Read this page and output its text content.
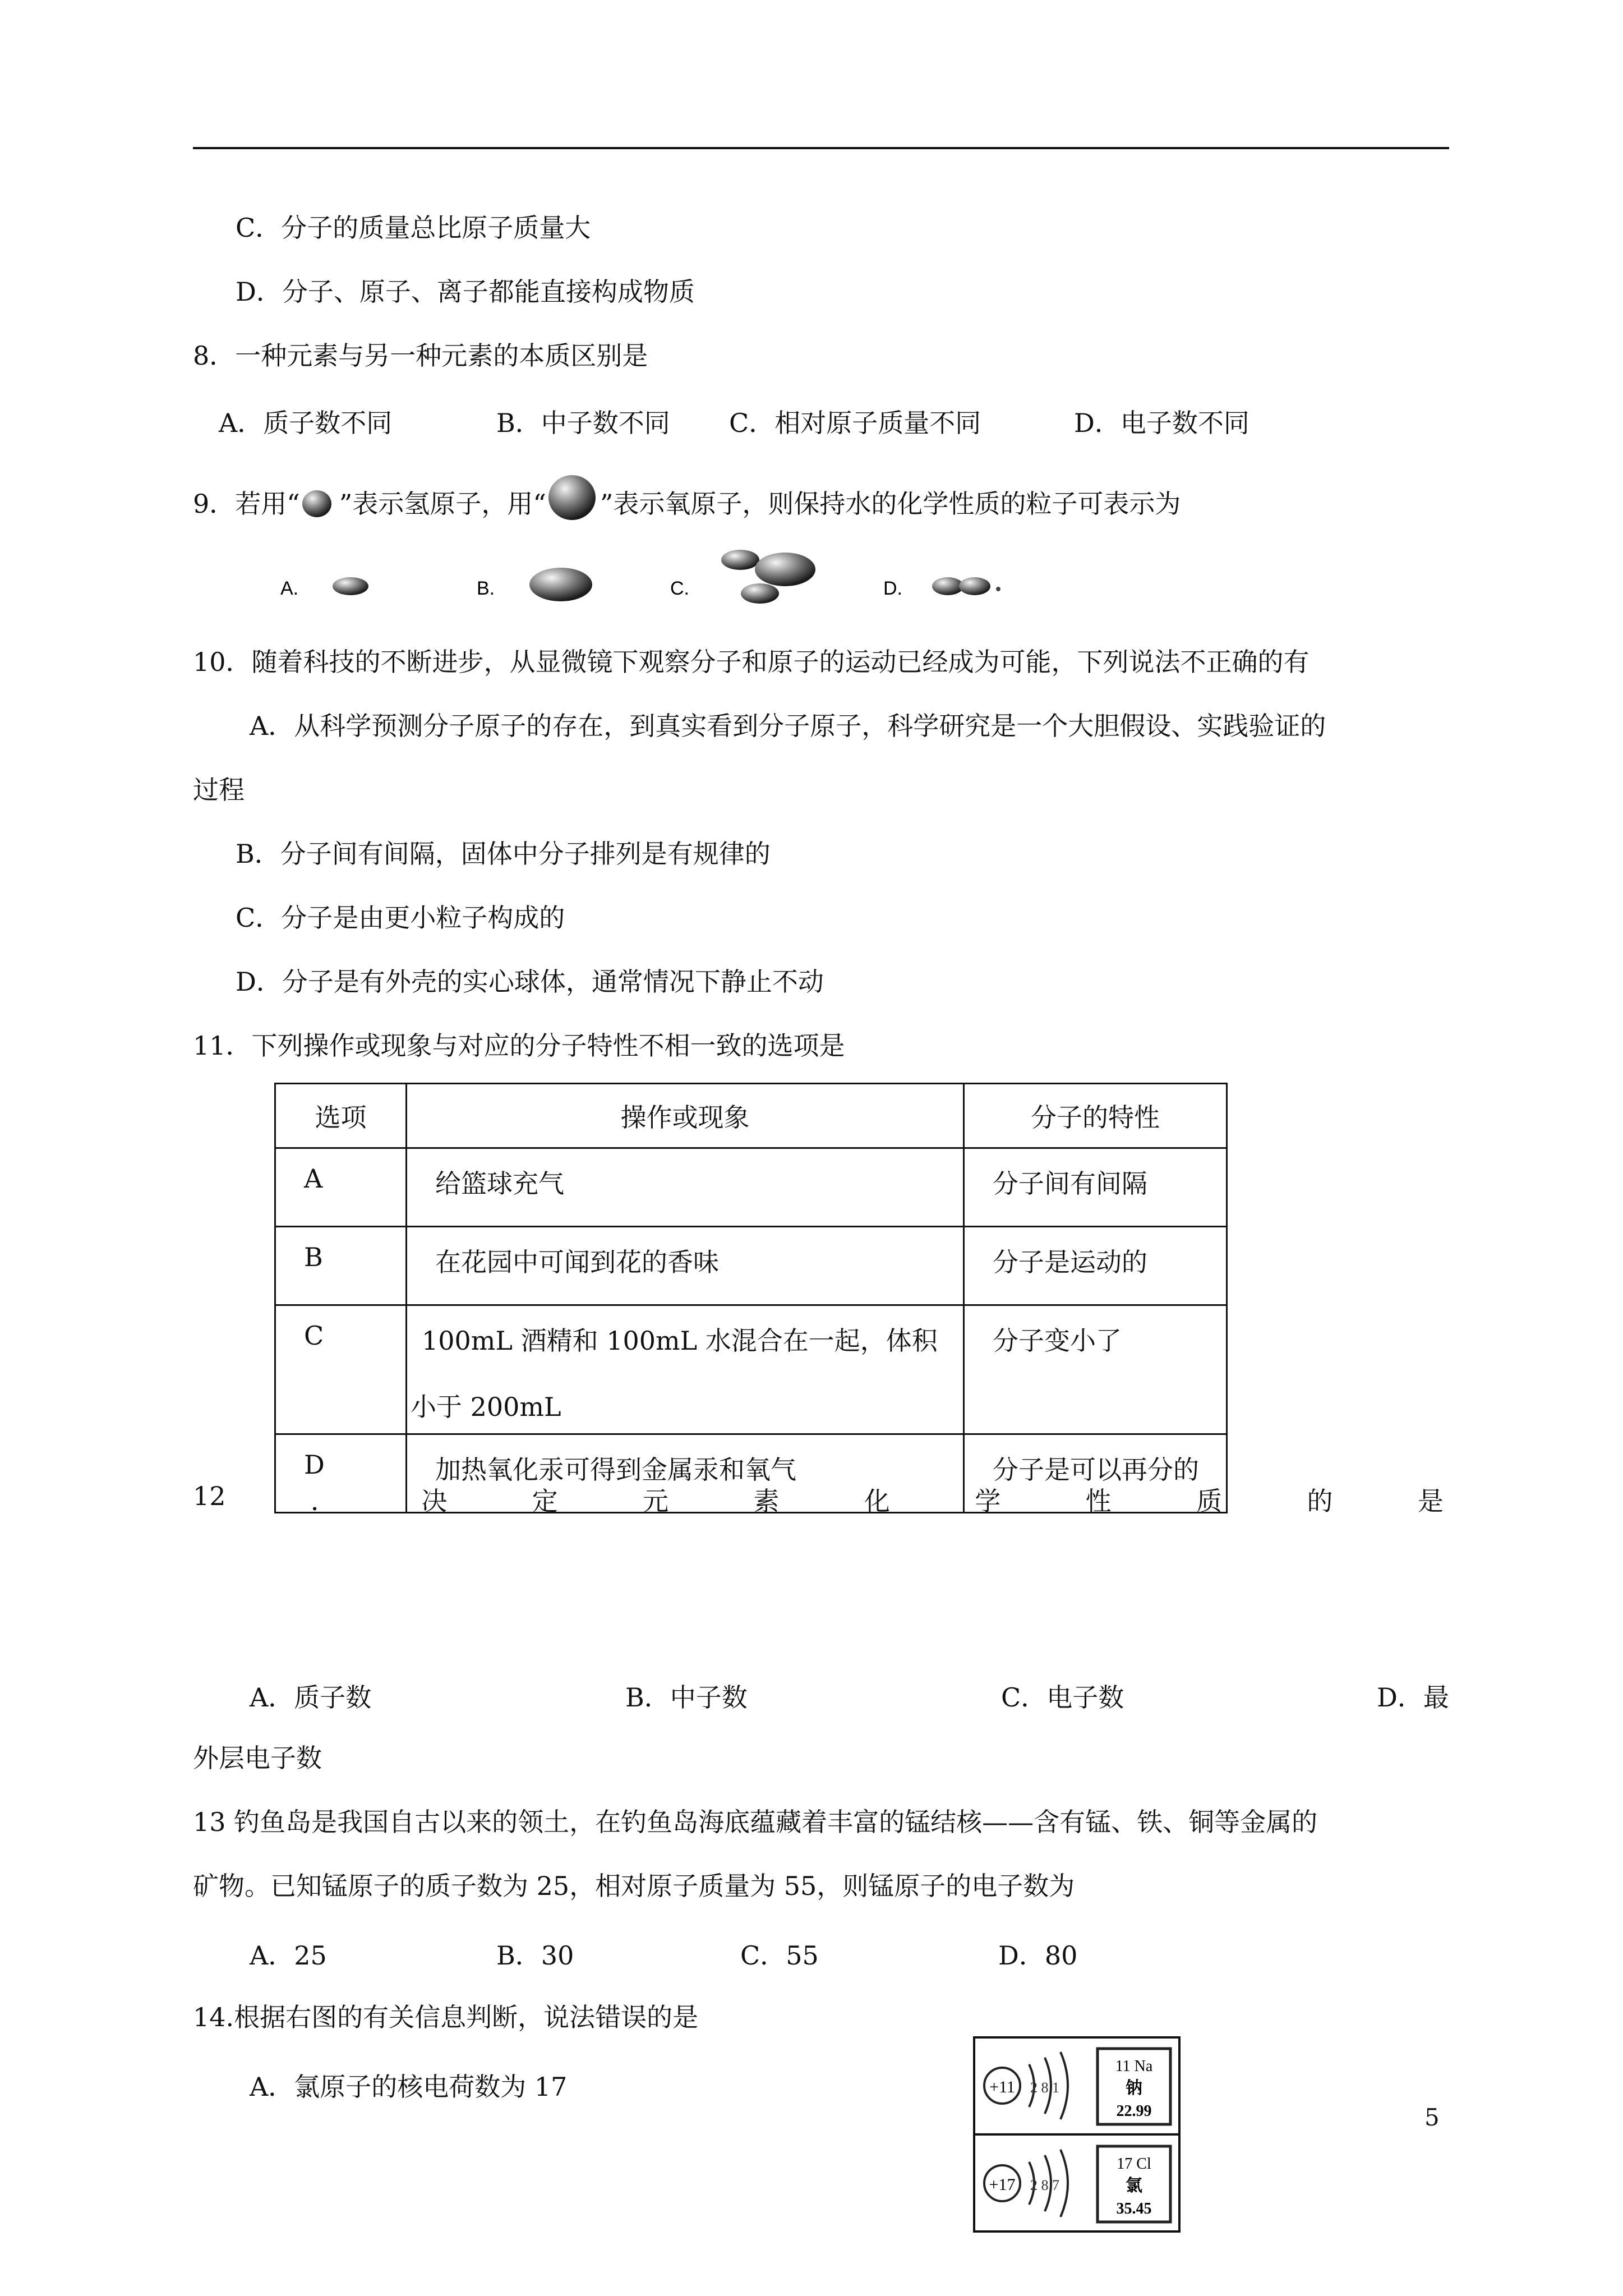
C．分子的质量总比原子质量大
D．分子、原子、离子都能直接构成物质
8．一种元素与另一种元素的本质区别是
A．质子数不同	B．中子数不同 C．相对原子质量不同	D．电子数不同
9．若用“ ”表示氢原子，用“ ”表示氧原子，则保持水的化学性质的粒子可表示为
A.	B.	C.	D.
10．随着科技的不断进步，从显微镜下观察分子和原子的运动已经成为可能，下列说法不正确的有
A．从科学预测分子原子的存在，到真实看到分子原子，科学研究是一个大胆假设、实践验证的
过程
B．分子间有间隔，固体中分子排列是有规律的
C．分子是由更小粒子构成的
D．分子是有外壳的实心球体，通常情况下静止不动
11．下列操作或现象与对应的分子特性不相一致的选项是
选项	操作或现象	分子的特性
A	给篮球充气	分子间有间隔
B	在花园中可闻到花的香味	分子是运动的
C	100mL 酒精和 100mL 水混合在一起，体积
小于 200mL	分子变小了
D	加热氧化汞可得到金属汞和氧气	分子是可以再分的
12	．	决	定	元	素	化	学	性	质	的	是
A．质子数	B．中子数	C．电子数	D．最
外层电子数
13 钓鱼岛是我国自古以来的领土，在钓鱼岛海底蕴藏着丰富的锰结核——含有锰、铁、铜等金属的
矿物。已知锰原子的质子数为 25，相对原子质量为 55，则锰原子的电子数为
A．25	B．30	C．55	D．80
14.根据右图的有关信息判断，说法错误的是
A．氯原子的核电荷数为 17	+11 2 8 1
11 Na
钠
22.99
+17 2 8 7
17 Cl
氯
35.45
5
